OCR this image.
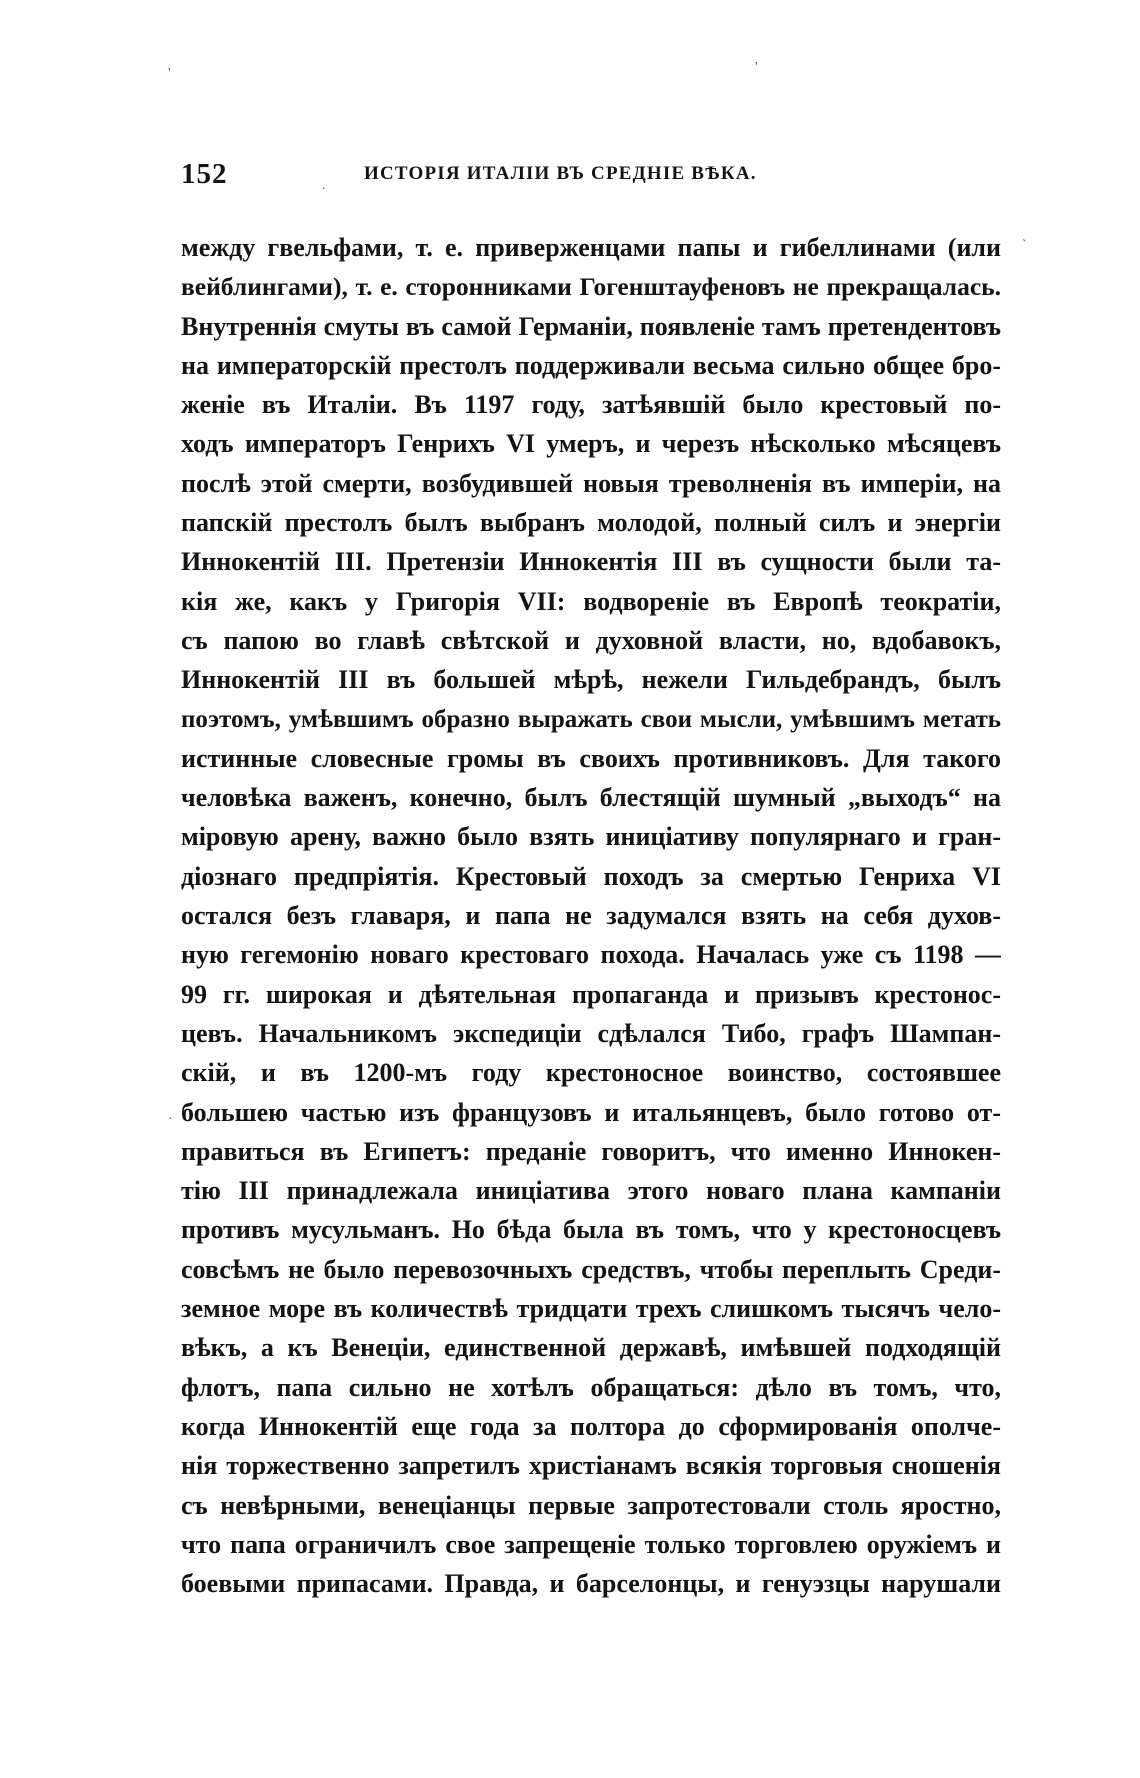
'	'
ˋ
·
.
152	ИСТОРІЯ ИТАЛІИ ВЪ СРЕДНІЕ ВѢКА.
между гвельфами, т. е. приверженцами папы и гибеллинами (или
вейблингами), т. е. сторонниками Гогенштауфеновъ не прекращалась.
Внутреннія смуты въ самой Германіи, появленіе тамъ претендентовъ
на императорскій престолъ поддерживали весьма сильно общее бро-
женіе въ Италіи. Въ 1197 году, затѣявшій было крестовый по-
ходъ императоръ Генрихъ VI умеръ, и черезъ нѣсколько мѣсяцевъ
послѣ этой смерти, возбудившей новыя треволненія въ имперіи, на
папскій престолъ былъ выбранъ молодой, полный силъ и энергіи
Иннокентій III. Претензіи Иннокентія III въ сущности были та-
кія же, какъ у Григорія VII: водвореніе въ Европѣ теократіи,
съ папою во главѣ свѣтской и духовной власти, но, вдобавокъ,
Иннокентій III въ большей мѣрѣ, нежели Гильдебрандъ, былъ
поэтомъ, умѣвшимъ образно выражать свои мысли, умѣвшимъ метать
истинные словесные громы въ своихъ противниковъ. Для такого
человѣка важенъ, конечно, былъ блестящій шумный „выходъ“ на
міровую арену, важно было взять иниціативу популярнаго и гран-
діознаго предпріятія. Крестовый походъ за смертью Генриха VI
остался безъ главаря, и папа не задумался взять на себя духов-
ную гегемонію новаго крестоваго похода. Началась уже съ 1198 —
99 гг. широкая и дѣятельная пропаганда и призывъ крестонос-
цевъ. Начальникомъ экспедиціи сдѣлался Тибо, графъ Шампан-
скій, и въ 1200-мъ году крестоносное воинство, состоявшее
большею частью изъ французовъ и итальянцевъ, было готово от-
правиться въ Египетъ: преданіе говоритъ, что именно Иннокен-
тію III принадлежала иниціатива этого новаго плана кампаніи
противъ мусульманъ. Но бѣда была въ томъ, что у крестоносцевъ
совсѣмъ не было перевозочныхъ средствъ, чтобы переплыть Среди-
земное море въ количествѣ тридцати трехъ слишкомъ тысячъ чело-
вѣкъ, а къ Венеціи, единственной державѣ, имѣвшей подходящій
флотъ, папа сильно не хотѣлъ обращаться: дѣло въ томъ, что,
когда Иннокентій еще года за полтора до сформированія ополче-
нія торжественно запретилъ христіанамъ всякія торговыя сношенія
съ невѣрными, венеціанцы первые запротестовали столь яростно,
что папа ограничилъ свое запрещеніе только торговлею оружіемъ и
боевыми припасами. Правда, и барселонцы, и генуэзцы нарушали
